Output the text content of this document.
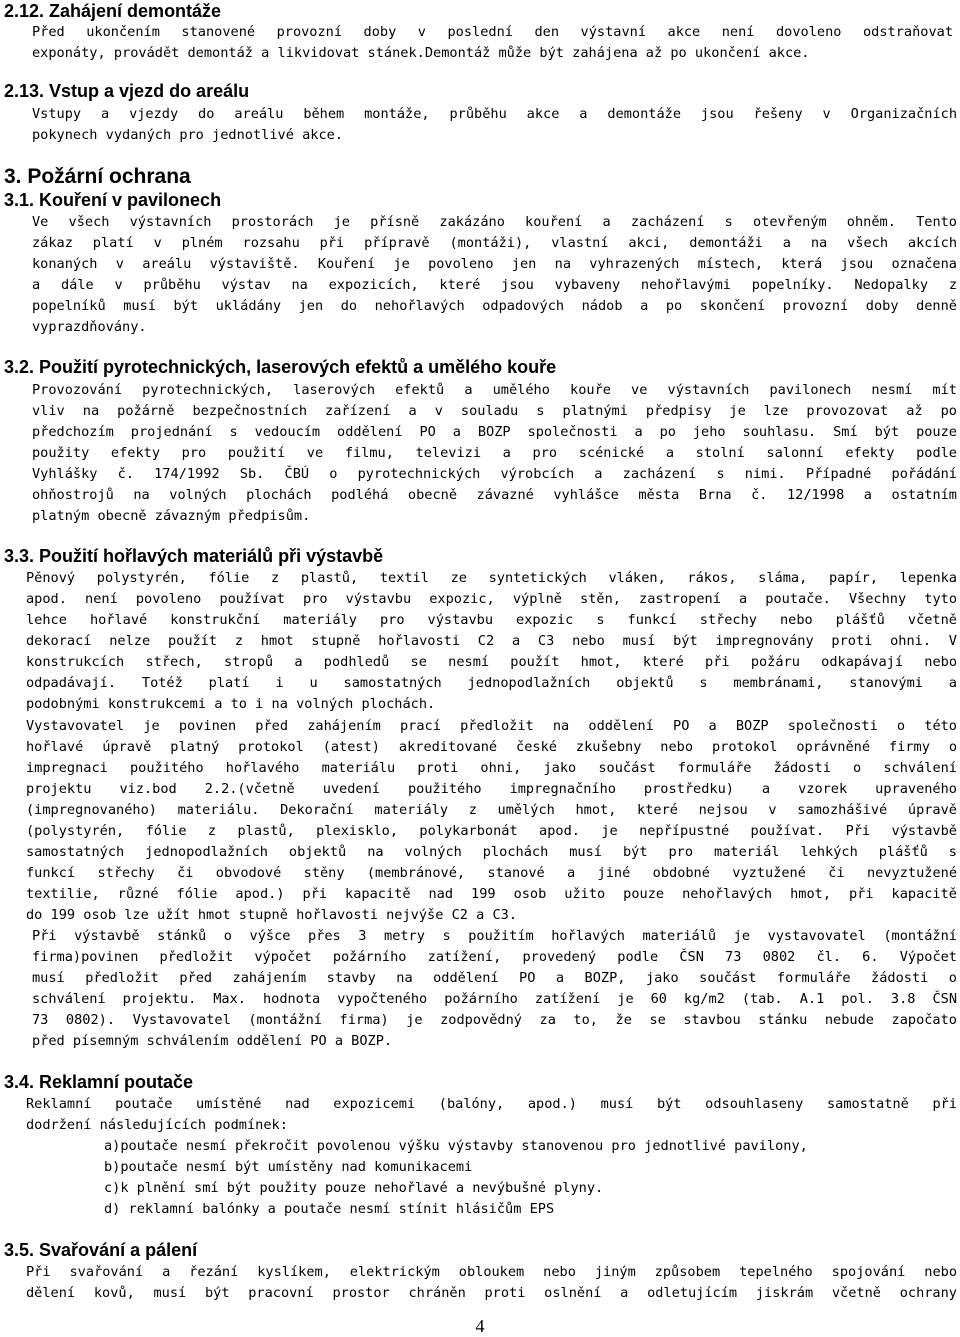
2.12. Zahájení demontáže
Před ukončením stanovené provozní doby v poslední den výstavní akce není dovoleno odstraňovat
exponáty, provádět demontáž a likvidovat stánek.Demontáž může být zahájena až po ukončení akce.
2.13. Vstup a vjezd do areálu
Vstupy a vjezdy do areálu během montáže, průběhu akce a demontáže jsou řešeny v Organizačních
pokynech vydaných pro jednotlivé akce.
3. Požární ochrana
3.1. Kouření v pavilonech
Ve všech výstavních prostorách je přísně zakázáno kouření a zacházení s otevřeným ohněm. Tento
zákaz platí v plném rozsahu při přípravě (montáži), vlastní akci, demontáži a na všech akcích
konaných v areálu výstaviště. Kouření je povoleno jen na vyhrazených místech, která jsou označena
a dále v průběhu výstav na expozicích, které jsou vybaveny nehořlavými popelníky. Nedopalky z
popelníků musí být ukládány jen do nehořlavých odpadových nádob a po skončení provozní doby denně
vyprazdňovány.
3.2. Použití pyrotechnických, laserových efektů a umělého kouře
Provozování pyrotechnických, laserových efektů a umělého kouře ve výstavních pavilonech nesmí mít
vliv na požárně bezpečnostních zařízení a v souladu s platnými předpisy je lze provozovat až po
předchozím projednání s vedoucím oddělení PO a BOZP společnosti a po jeho souhlasu. Smí být pouze
použity efekty pro použití ve filmu, televizi a pro scénické a stolní salonní efekty podle
Vyhlášky č. 174/1992 Sb. ČBÚ o pyrotechnických výrobcích a zacházení s nimi. Případné pořádání
ohňostrojů na volných plochách podléhá obecně závazné vyhlášce města Brna č. 12/1998 a ostatním
platným obecně závazným předpisům.
3.3. Použití hořlavých materiálů při výstavbě
Pěnový polystyrén, fólie z plastů, textil ze syntetických vláken, rákos, sláma, papír, lepenka
apod. není povoleno používat pro výstavbu expozic, výplně stěn, zastropení a poutače. Všechny tyto
lehce hořlavé konstrukční materiály pro výstavbu expozic s funkcí střechy nebo plášťů včetně
dekorací nelze použít z hmot stupně hořlavosti C2 a C3 nebo musí být impregnovány proti ohni. V
konstrukcích střech, stropů a podhledů se nesmí použít hmot, které při požáru odkapávají nebo
odpadávají. Totéž platí i u samostatných jednopodlažních objektů s membránami, stanovými a
podobnými konstrukcemi a to i na volných plochách.
Vystavovatel je povinen před zahájením prací předložit na oddělení PO a BOZP společnosti o této
hořlavé úpravě platný protokol (atest) akreditované české zkušebny nebo protokol oprávněné firmy o
impregnaci použitého hořlavého materiálu proti ohni, jako součást formuláře žádosti o schválení
projektu viz.bod 2.2.(včetně uvedení použitého impregnačního prostředku) a vzorek upraveného
(impregnovaného) materiálu. Dekorační materiály z umělých hmot, které nejsou v samozhášivé úpravě
(polystyrén, fólie z plastů, plexisklo, polykarbonát apod. je nepřípustné používat. Při výstavbě
samostatných jednopodlažních objektů na volných plochách musí být pro materiál lehkých plášťů s
funkcí střechy či obvodové stěny (membránové, stanové a jiné obdobné vyztužené či nevyztužené
textilie, různé fólie apod.) při kapacitě nad 199 osob užito pouze nehořlavých hmot, při kapacitě
do 199 osob lze užít hmot stupně hořlavosti nejvýše C2 a C3.
Při výstavbě stánků o výšce přes 3 metry s použitím hořlavých materiálů je vystavovatel (montážní
firma)povinen předložit výpočet požárního zatížení, provedený podle ČSN 73 0802 čl. 6. Výpočet
musí předložit před zahájením stavby na oddělení PO a BOZP, jako součást formuláře žádosti o
schválení projektu. Max. hodnota vypočteného požárního zatížení je 60 kg/m2 (tab. A.1 pol. 3.8 ČSN
73 0802). Vystavovatel (montážní firma) je zodpovědný za to, že se stavbou stánku nebude započato
před písemným schválením oddělení PO a BOZP.
3.4. Reklamní poutače
Reklamní poutače umístěné nad expozicemi (balóny, apod.) musí být odsouhlaseny samostatně při
dodržení následujících podmínek:
a)poutače nesmí překročit povolenou výšku výstavby stanovenou pro jednotlivé pavilony,
b)poutače nesmí být umístěny nad komunikacemi
c)k plnění smí být použity pouze nehořlavé a nevýbušné plyny.
d) reklamní balónky a poutače nesmí stínit hlásičům EPS
3.5. Svařování a pálení
Při svařování a řezání kyslíkem, elektrickým obloukem nebo jiným způsobem tepelného spojování nebo
dělení kovů, musí být pracovní prostor chráněn proti oslnění a odletujícím jiskrám včetně ochrany
4
